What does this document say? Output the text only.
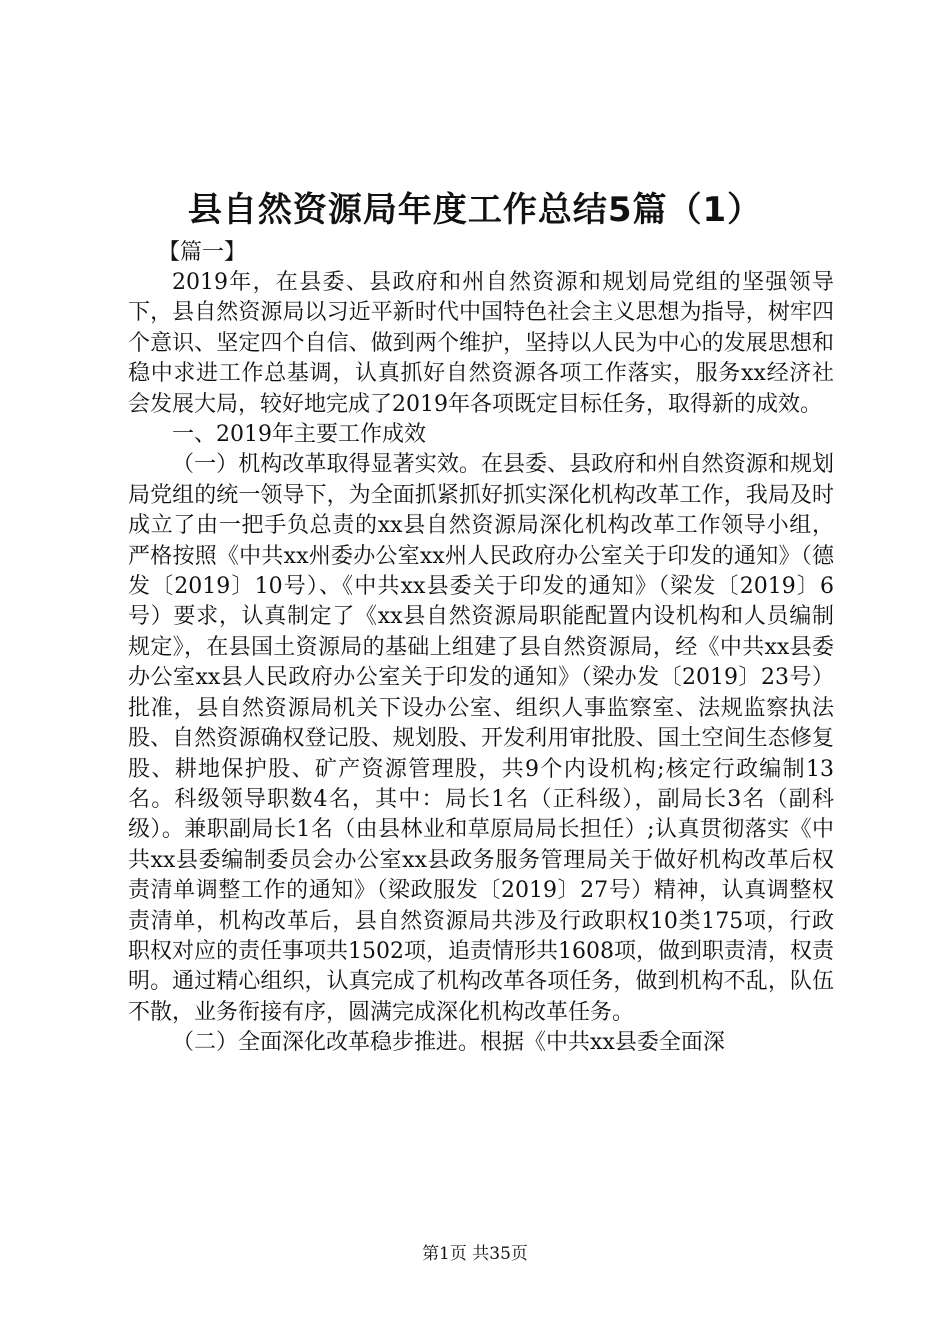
县自然资源局年度工作总结5篇（1）
【篇一】

2019年，在县委、县政府和州自然资源和规划局党组的坚强领导下，县自然资源局以习近平新时代中国特色社会主义思想为指导，树牢四个意识、坚定四个自信、做到两个维护，坚持以人民为中心的发展思想和稳中求进工作总基调，认真抓好自然资源各项工作落实，服务xx经济社会发展大局，较好地完成了2019年各项既定目标任务，取得新的成效。

一、2019年主要工作成效

（一）机构改革取得显著实效。在县委、县政府和州自然资源和规划局党组的统一领导下，为全面抓紧抓好抓实深化机构改革工作，我局及时成立了由一把手负总责的xx县自然资源局深化机构改革工作领导小组，严格按照《中共xx州委办公室xx州人民政府办公室关于印发的通知》（德发〔2019〕10号）、《中共xx县委关于印发的通知》（梁发〔2019〕6号）要求，认真制定了《xx县自然资源局职能配置内设机构和人员编制规定》，在县国土资源局的基础上组建了县自然资源局，经《中共xx县委办公室xx县人民政府办公室关于印发的通知》（梁办发〔2019〕23号）批准，县自然资源局机关下设办公室、组织人事监察室、法规监察执法股、自然资源确权登记股、规划股、开发利用审批股、国土空间生态修复股、耕地保护股、矿产资源管理股，共9个内设机构;核定行政编制13名。科级领导职数4名，其中：局长1名（正科级），副局长3名（副科级）。兼职副局长1名（由县林业和草原局局长担任）;认真贯彻落实《中共xx县委编制委员会办公室xx县政务服务管理局关于做好机构改革后权责清单调整工作的通知》（梁政服发〔2019〕27号）精神，认真调整权责清单，机构改革后，县自然资源局共涉及行政职权10类175项，行政职权对应的责任事项共1502项，追责情形共1608项，做到职责清，权责明。通过精心组织，认真完成了机构改革各项任务，做到机构不乱，队伍不散，业务衔接有序，圆满完成深化机构改革任务。

（二）全面深化改革稳步推进。根据《中共xx县委全面深

第1页 共35页
